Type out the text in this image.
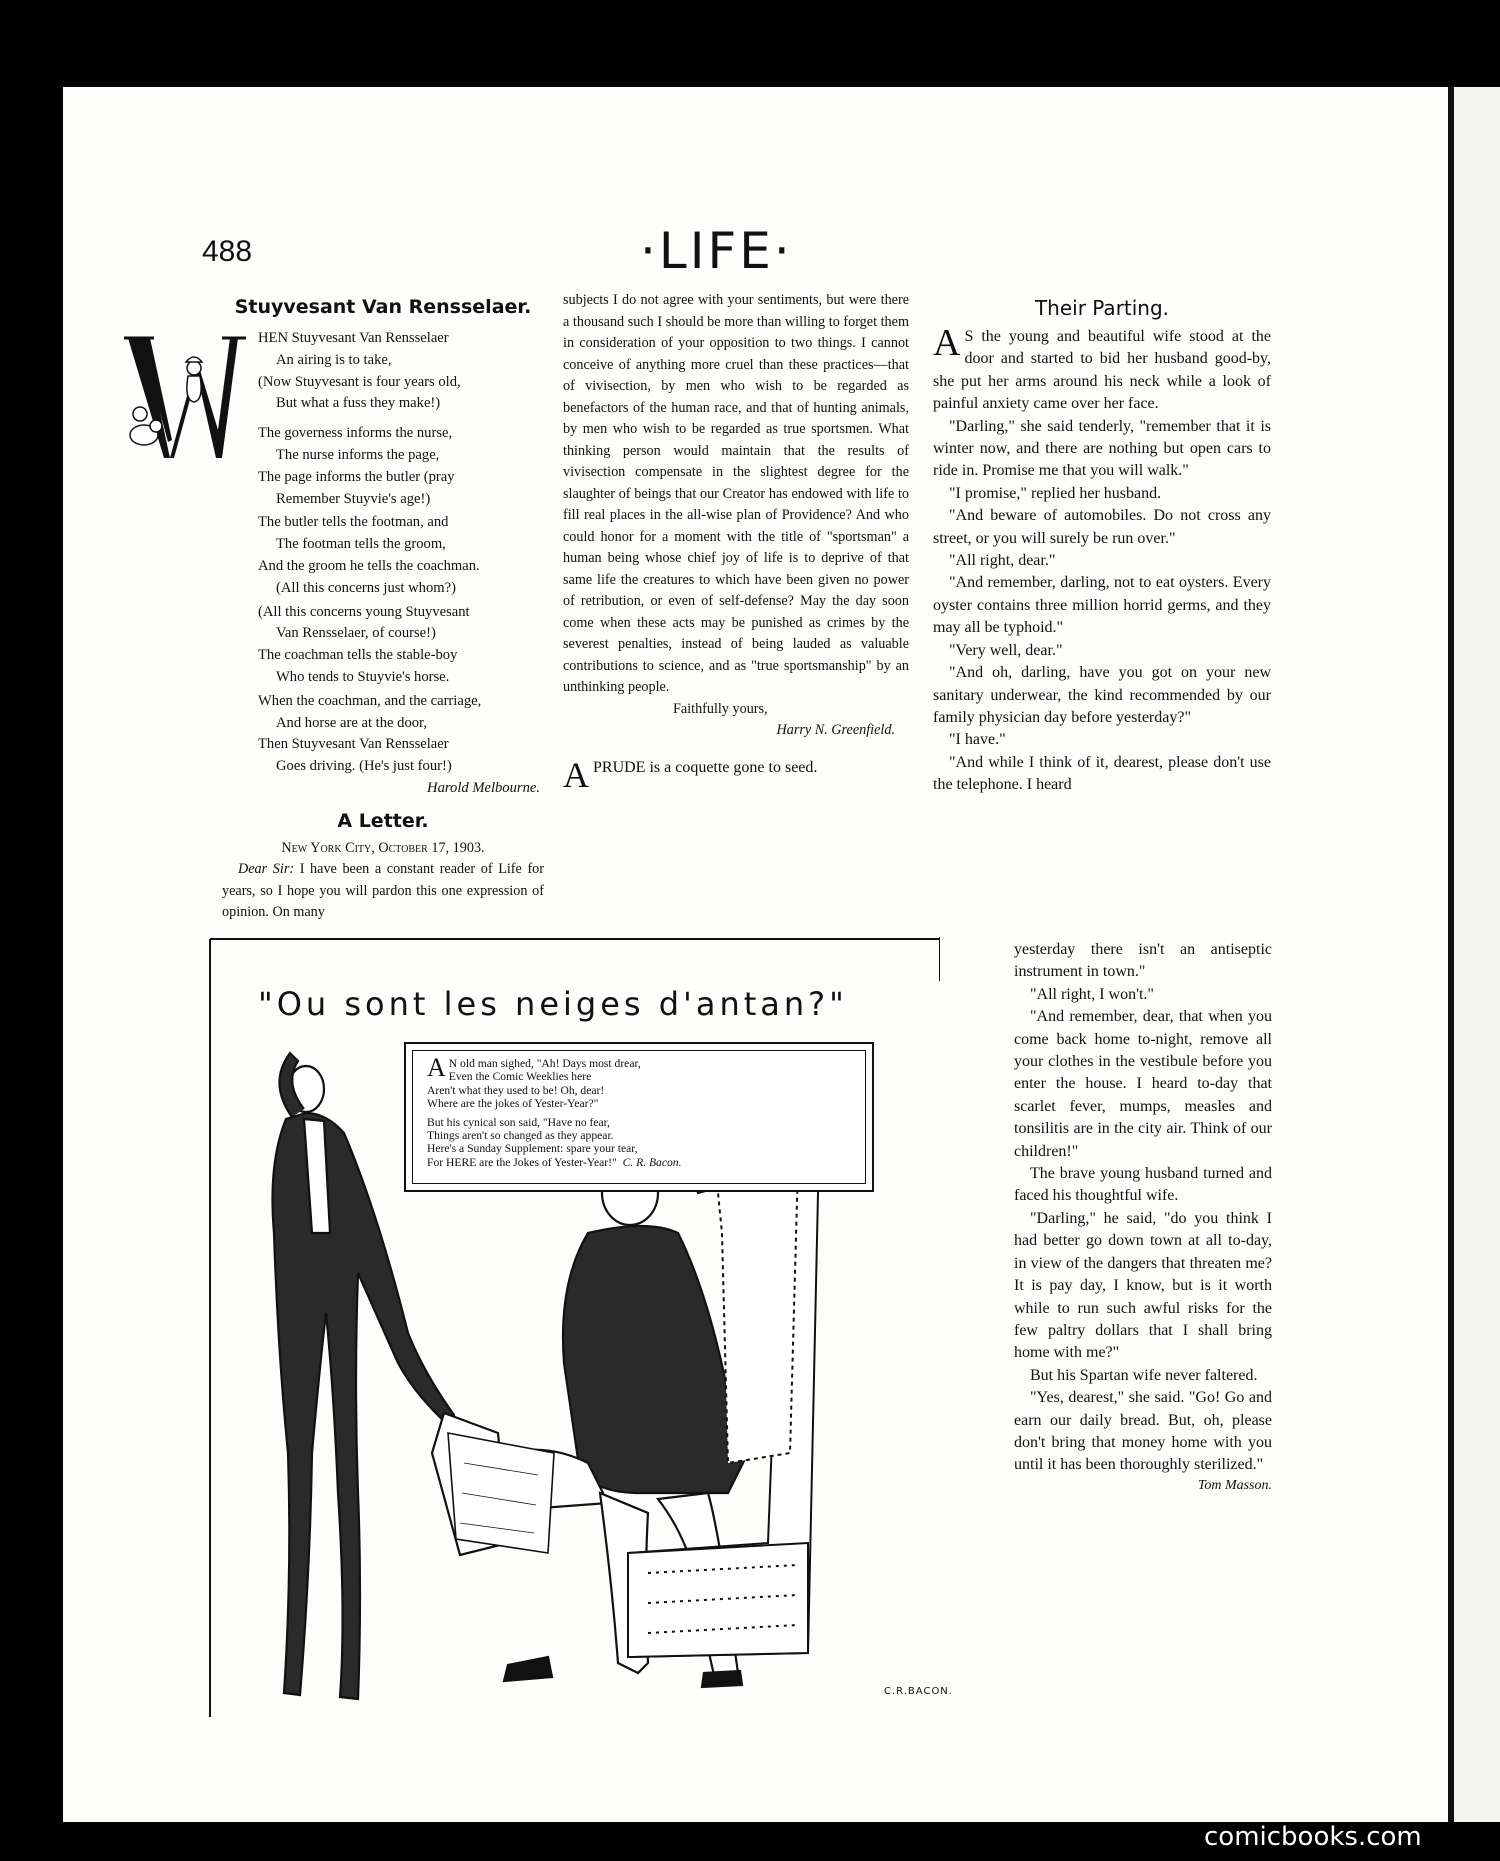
488	·LIFE·
Stuyvesant Van Rensselaer.
HEN Stuyvesant Van Rensselaer
An airing is to take,
(Now Stuyvesant is four years old,
But what a fuss they make!)
The governess informs the nurse,
The nurse informs the page,
The page informs the butler (pray
Remember Stuyvie's age!)
The butler tells the footman, and
The footman tells the groom,
And the groom he tells the coachman.
(All this concerns just whom?)
(All this concerns young Stuyvesant
Van Rensselaer, of course!)
The coachman tells the stable-boy
Who tends to Stuyvie's horse.
When the coachman, and the carriage,
And horse are at the door,
Then Stuyvesant Van Rensselaer
Goes driving. (He's just four!)
Harold Melbourne.
A Letter.
New York City, October 17, 1903.
Dear Sir: I have been a constant reader of Life for years, so I hope you will pardon this one expression of opinion. On many
subjects I do not agree with your sentiments, but were there a thousand such I should be more than willing to forget them in consideration of your opposition to two things. I cannot conceive of anything more cruel than these practices—that of vivisection, by men who wish to be regarded as benefactors of the human race, and that of hunting animals, by men who wish to be regarded as true sportsmen. What thinking person would maintain that the results of vivisection compensate in the slightest degree for the slaughter of beings that our Creator has endowed with life to fill real places in the all-wise plan of Providence? And who could honor for a moment with the title of "sportsman" a human being whose chief joy of life is to deprive of that same life the creatures to which have been given no power of retribution, or even of self-defense? May the day soon come when these acts may be punished as crimes by the severest penalties, instead of being lauded as valuable contributions to science, and as "true sportsmanship" by an unthinking people.
Faithfully yours,
Harry N. Greenfield.
A PRUDE is a coquette gone to seed.
Their Parting.
A S the young and beautiful wife stood at the door and started to bid her husband good-by, she put her arms around his neck while a look of painful anxiety came over her face.
"Darling," she said tenderly, "remember that it is winter now, and there are nothing but open cars to ride in. Promise me that you will walk."
"I promise," replied her husband.
"And beware of automobiles. Do not cross any street, or you will surely be run over."
"All right, dear."
"And remember, darling, not to eat oysters. Every oyster contains three million horrid germs, and they may all be typhoid."
"Very well, dear."
"And oh, darling, have you got on your new sanitary underwear, the kind recommended by our family physician day before yesterday?"
"I have."
"And while I think of it, dearest, please don't use the telephone. I heard
yesterday there isn't an antiseptic instrument in town."
"All right, I won't."
"And remember, dear, that when you come back home to-night, remove all your clothes in the vestibule before you enter the house. I heard to-day that scarlet fever, mumps, measles and tonsilitis are in the city air. Think of our children!"
The brave young husband turned and faced his thoughtful wife.
"Darling," he said, "do you think I had better go down town at all to-day, in view of the dangers that threaten me? It is pay day, I know, but is it worth while to run such awful risks for the few paltry dollars that I shall bring home with me?"
But his Spartan wife never faltered.
"Yes, dearest," she said. "Go! Go and earn our daily bread. But, oh, please don't bring that money home with you until it has been thoroughly sterilized."
Tom Masson.
"Ou sont les neiges d'antan?"
A N old man sighed, "Ah! Days most drear,
Even the Comic Weeklies here
Aren't what they used to be! Oh, dear!
Where are the jokes of Yester-Year?"
But his cynical son said, "Have no fear,
Things aren't so changed as they appear.
Here's a Sunday Supplement: spare your tear,
For HERE are the Jokes of Yester-Year!" C. R. Bacon.
C.R.BACON.
comicbooks.com
